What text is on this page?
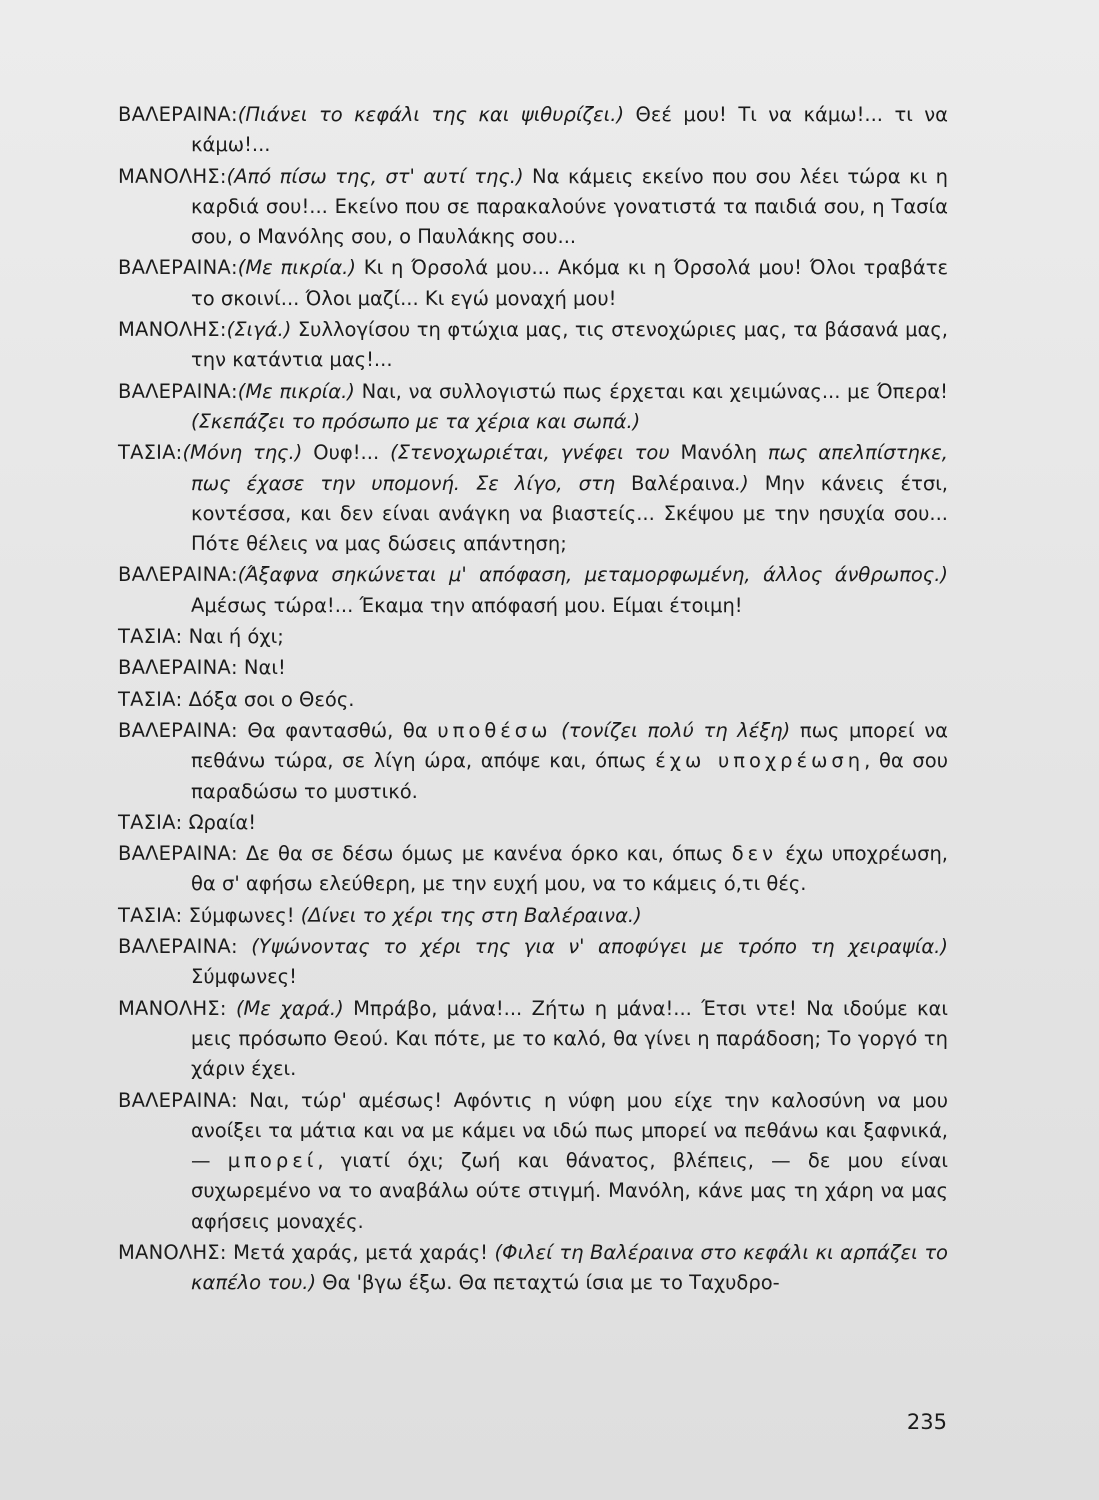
ΒΑΛΕΡΑΙΝΑ:(Πιάνει το κεφάλι της και ψιθυρίζει.) Θεέ μου! Τι να κάμω!... τι να κάμω!...

ΜΑΝΟΛΗΣ:(Από πίσω της, στ' αυτί της.) Να κάμεις εκείνο που σου λέει τώρα κι η καρδιά σου!... Εκείνο που σε παρακαλούνε γονατιστά τα παιδιά σου, η Τασία σου, ο Μανόλης σου, ο Παυλάκης σου...

ΒΑΛΕΡΑΙΝΑ:(Με πικρία.) Κι η Όρσολά μου... Ακόμα κι η Όρσολά μου! Όλοι τραβάτε το σκοινί... Όλοι μαζί... Κι εγώ μοναχή μου!

ΜΑΝΟΛΗΣ:(Σιγά.) Συλλογίσου τη φτώχια μας, τις στενοχώριες μας, τα βάσανά μας, την κατάντια μας!...

ΒΑΛΕΡΑΙΝΑ:(Με πικρία.) Ναι, να συλλογιστώ πως έρχεται και χειμώνας... με Όπερα! (Σκεπάζει το πρόσωπο με τα χέρια και σωπά.)

ΤΑΣΙΑ:(Μόνη της.) Ουφ!... (Στενοχωριέται, γνέφει του Μανόλη πως απελπίστηκε, πως έχασε την υπομονή. Σε λίγο, στη Βαλέραινα.) Μην κάνεις έτσι, κοντέσσα, και δεν είναι ανάγκη να βιαστείς... Σκέψου με την ησυχία σου... Πότε θέλεις να μας δώσεις απάντηση;

ΒΑΛΕΡΑΙΝΑ:(Άξαφνα σηκώνεται μ' απόφαση, μεταμορφωμένη, άλλος άνθρωπος.) Αμέσως τώρα!... Έκαμα την απόφασή μου. Είμαι έτοιμη!

ΤΑΣΙΑ: Ναι ή όχι;

ΒΑΛΕΡΑΙΝΑ: Ναι!

ΤΑΣΙΑ: Δόξα σοι ο Θεός.

ΒΑΛΕΡΑΙΝΑ: Θα φαντασθώ, θα υποθέσω (τονίζει πολύ τη λέξη) πως μπορεί να πεθάνω τώρα, σε λίγη ώρα, απόψε και, όπως έχω υποχρέωση, θα σου παραδώσω το μυστικό.

ΤΑΣΙΑ: Ωραία!

ΒΑΛΕΡΑΙΝΑ: Δε θα σε δέσω όμως με κανένα όρκο και, όπως δεν έχω υποχρέωση, θα σ' αφήσω ελεύθερη, με την ευχή μου, να το κάμεις ό,τι θές.

ΤΑΣΙΑ: Σύμφωνες! (Δίνει το χέρι της στη Βαλέραινα.)

ΒΑΛΕΡΑΙΝΑ: (Υψώνοντας το χέρι της για ν' αποφύγει με τρόπο τη χειραψία.) Σύμφωνες!

ΜΑΝΟΛΗΣ: (Με χαρά.) Μπράβο, μάνα!... Ζήτω η μάνα!... Έτσι ντε! Να ιδούμε και μεις πρόσωπο Θεού. Και πότε, με το καλό, θα γίνει η παράδοση; Το γοργό τη χάριν έχει.

ΒΑΛΕΡΑΙΝΑ: Ναι, τώρ' αμέσως! Αφόντις η νύφη μου είχε την καλοσύνη να μου ανοίξει τα μάτια και να με κάμει να ιδώ πως μπορεί να πεθάνω και ξαφνικά, — μπορεί, γιατί όχι; ζωή και θάνατος, βλέπεις, — δε μου είναι συχωρεμένο να το αναβάλω ούτε στιγμή. Μανόλη, κάνε μας τη χάρη να μας αφήσεις μοναχές.

ΜΑΝΟΛΗΣ: Μετά χαράς, μετά χαράς! (Φιλεί τη Βαλέραινα στο κεφάλι κι αρπάζει το καπέλο του.) Θα 'βγω έξω. Θα πεταχτώ ίσια με το Ταχυδρο-

235
